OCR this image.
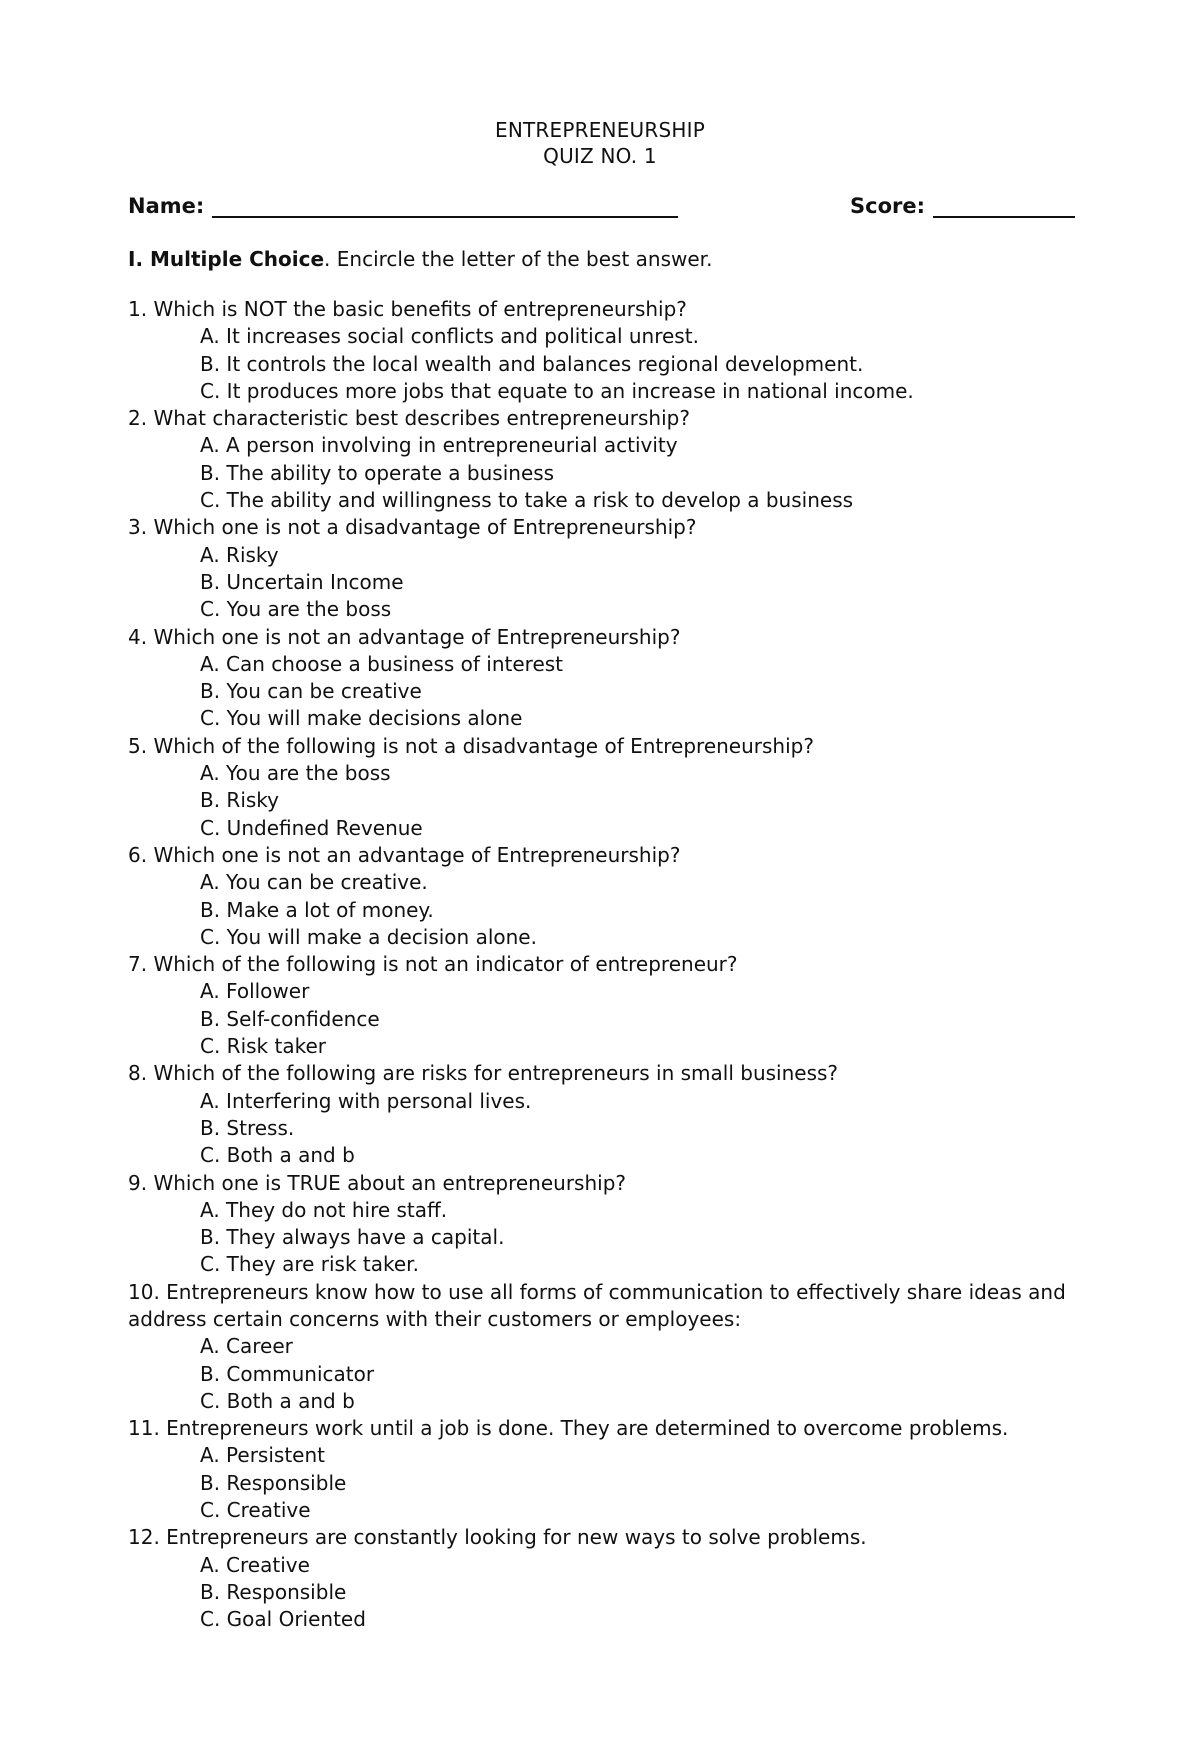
ENTREPRENEURSHIP
QUIZ NO. 1
Name:	Score:
I. Multiple Choice. Encircle the letter of the best answer.
1. Which is NOT the basic benefits of entrepreneurship?
A. It increases social conflicts and political unrest.
B. It controls the local wealth and balances regional development.
C. It produces more jobs that equate to an increase in national income.
2. What characteristic best describes entrepreneurship?
A. A person involving in entrepreneurial activity
B. The ability to operate a business
C. The ability and willingness to take a risk to develop a business
3. Which one is not a disadvantage of Entrepreneurship?
A. Risky
B. Uncertain Income
C. You are the boss
4. Which one is not an advantage of Entrepreneurship?
A. Can choose a business of interest
B. You can be creative
C. You will make decisions alone
5. Which of the following is not a disadvantage of Entrepreneurship?
A. You are the boss
B. Risky
C. Undefined Revenue
6. Which one is not an advantage of Entrepreneurship?
A. You can be creative.
B. Make a lot of money.
C. You will make a decision alone.
7. Which of the following is not an indicator of entrepreneur?
A. Follower
B. Self-confidence
C. Risk taker
8. Which of the following are risks for entrepreneurs in small business?
A. Interfering with personal lives.
B. Stress.
C. Both a and b
9. Which one is TRUE about an entrepreneurship?
A. They do not hire staff.
B. They always have a capital.
C. They are risk taker.
10. Entrepreneurs know how to use all forms of communication to effectively share ideas and address certain concerns with their customers or employees:
A. Career
B. Communicator
C. Both a and b
11. Entrepreneurs work until a job is done. They are determined to overcome problems.
A. Persistent
B. Responsible
C. Creative
12. Entrepreneurs are constantly looking for new ways to solve problems.
A. Creative
B. Responsible
C. Goal Oriented
